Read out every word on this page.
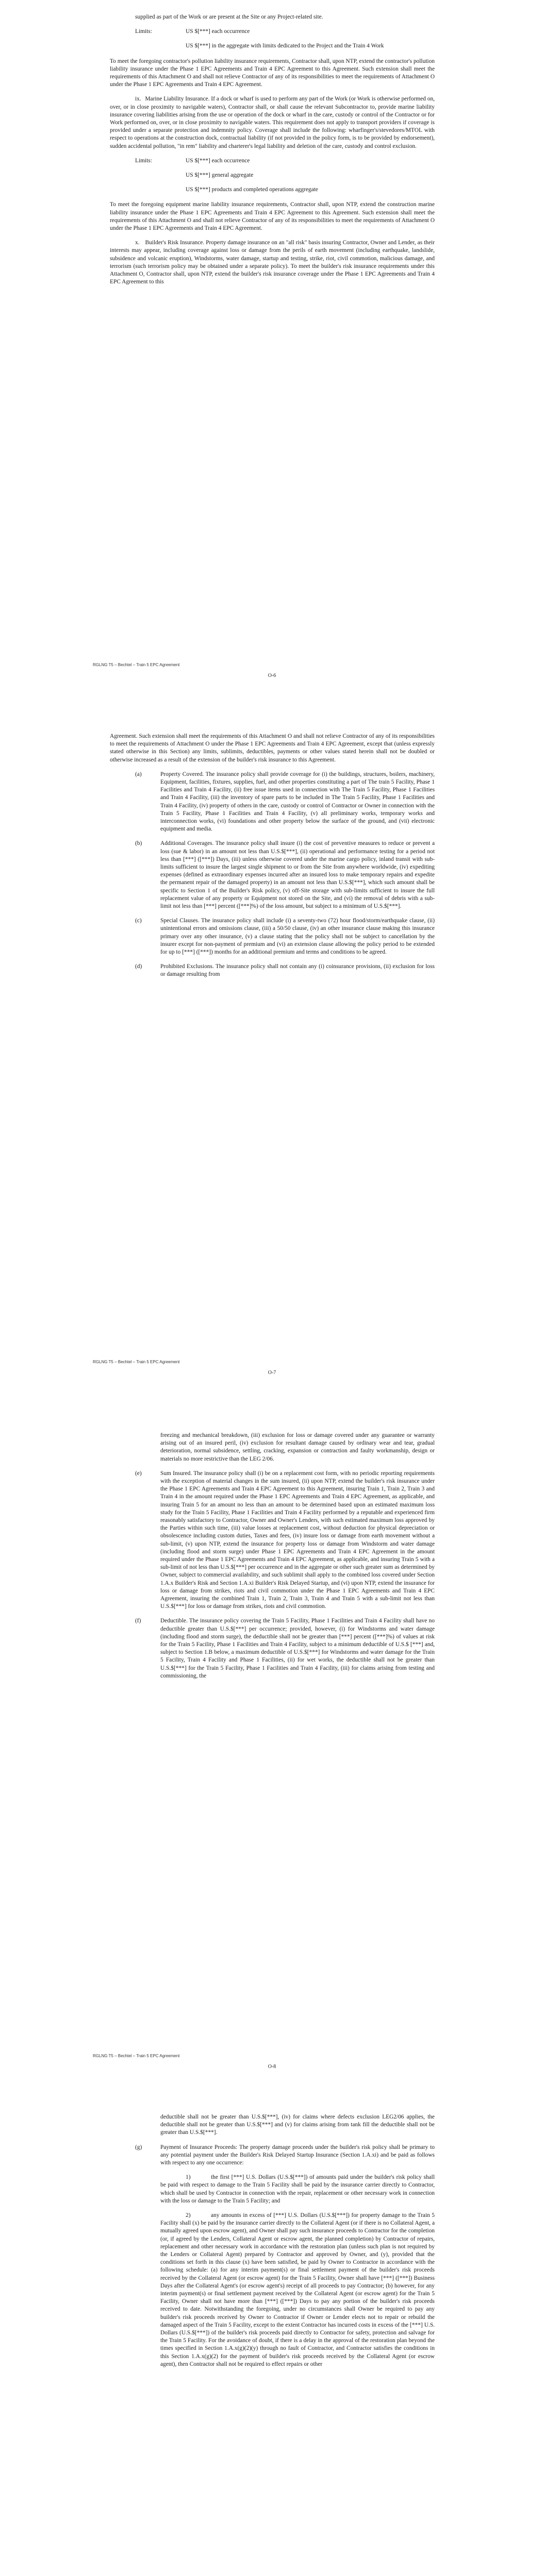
supplied as part of the Work or are present at the Site or any Project-related site.

Limits:	US $[***] each occurrence
US $[***] in the aggregate with limits dedicated to the Project and the Train 4 Work

To meet the foregoing contractor's pollution liability insurance requirements, Contractor shall, upon NTP, extend the contractor's pollution liability insurance under the Phase 1 EPC Agreements and Train 4 EPC Agreement to this Agreement. Such extension shall meet the requirements of this Attachment O and shall not relieve Contractor of any of its responsibilities to meet the requirements of Attachment O under the Phase 1 EPC Agreements and Train 4 EPC Agreement.

ix.	Marine Liability Insurance. If a dock or wharf is used to perform any part of the Work (or Work is otherwise performed on, over, or in close proximity to navigable waters), Contractor shall, or shall cause the relevant Subcontractor to, provide marine liability insurance covering liabilities arising from the use or operation of the dock or wharf in the care, custody or control of the Contractor or for Work performed on, over, or in close proximity to navigable waters. This requirement does not apply to transport providers if coverage is provided under a separate protection and indemnity policy. Coverage shall include the following: wharfinger's/stevedores/MTOL with respect to operations at the construction dock, contractual liability (if not provided in the policy form, is to be provided by endorsement), sudden accidental pollution, "in rem" liability and charterer's legal liability and deletion of the care, custody and control exclusion.

Limits:	US $[***] each occurrence
US $[***] general aggregate
US $[***] products and completed operations aggregate

To meet the foregoing equipment marine liability insurance requirements, Contractor shall, upon NTP, extend the construction marine liability insurance under the Phase 1 EPC Agreements and Train 4 EPC Agreement to this Agreement. Such extension shall meet the requirements of this Attachment O and shall not relieve Contractor of any of its responsibilities to meet the requirements of Attachment O under the Phase 1 EPC Agreements and Train 4 EPC Agreement.

x.	Builder's Risk Insurance. Property damage insurance on an "all risk" basis insuring Contractor, Owner and Lender, as their interests may appear, including coverage against loss or damage from the perils of earth movement (including earthquake, landslide, subsidence and volcanic eruption), Windstorms, water damage, startup and testing, strike, riot, civil commotion, malicious damage, and terrorism (such terrorism policy may be obtained under a separate policy). To meet the builder's risk insurance requirements under this Attachment O, Contractor shall, upon NTP, extend the builder's risk insurance coverage under the Phase 1 EPC Agreements and Train 4 EPC Agreement to this

RGLNG T5 – Bechtel – Train 5 EPC Agreement
O-6

Agreement. Such extension shall meet the requirements of this Attachment O and shall not relieve Contractor of any of its responsibilities to meet the requirements of Attachment O under the Phase 1 EPC Agreements and Train 4 EPC Agreement, except that (unless expressly stated otherwise in this Section) any limits, sublimits, deductibles, payments or other values stated herein shall not be doubled or otherwise increased as a result of the extension of the builder's risk insurance to this Agreement.

(a)	Property Covered. The insurance policy shall provide coverage for (i) the buildings, structures, boilers, machinery, Equipment, facilities, fixtures, supplies, fuel, and other properties constituting a part of The train 5 Facility, Phase 1 Facilities and Train 4 Facility, (ii) free issue items used in connection with The Train 5 Facility, Phase 1 Facilities and Train 4 Facility, (iii) the inventory of spare parts to be included in The Train 5 Facility, Phase 1 Facilities and Train 4 Facility, (iv) property of others in the care, custody or control of Contractor or Owner in connection with the Train 5 Facility, Phase 1 Facilities and Train 4 Facility, (v) all preliminary works, temporary works and interconnection works, (vi) foundations and other property below the surface of the ground, and (vii) electronic equipment and media.

(b)	Additional Coverages. The insurance policy shall insure (i) the cost of preventive measures to reduce or prevent a loss (sue & labor) in an amount not less than U.S.$[***], (ii) operational and performance testing for a period not less than [***] ([***]) Days, (iii) unless otherwise covered under the marine cargo policy, inland transit with sub-limits sufficient to insure the largest single shipment to or from the Site from anywhere worldwide, (iv) expediting expenses (defined as extraordinary expenses incurred after an insured loss to make temporary repairs and expedite the permanent repair of the damaged property) in an amount not less than U.S.$[***], which such amount shall be specific to Section 1 of the Builder's Risk policy, (v) off-Site storage with sub-limits sufficient to insure the full replacement value of any property or Equipment not stored on the Site, and (vi) the removal of debris with a sub-limit not less than [***] percent ([***]%) of the loss amount, but subject to a minimum of U.S.$[***].

(c)	Special Clauses. The insurance policy shall include (i) a seventy-two (72) hour flood/storm/earthquake clause, (ii) unintentional errors and omissions clause, (iii) a 50/50 clause, (iv) an other insurance clause making this insurance primary over any other insurance, (v) a clause stating that the policy shall not be subject to cancellation by the insurer except for non-payment of premium and (vi) an extension clause allowing the policy period to be extended for up to [***] ([***]) months for an additional premium and terms and conditions to be agreed.

(d)	Prohibited Exclusions. The insurance policy shall not contain any (i) coinsurance provisions, (ii) exclusion for loss or damage resulting from

RGLNG T5 – Bechtel – Train 5 EPC Agreement
O-7

freezing and mechanical breakdown, (iii) exclusion for loss or damage covered under any guarantee or warranty arising out of an insured peril, (iv) exclusion for resultant damage caused by ordinary wear and tear, gradual deterioration, normal subsidence, settling, cracking, expansion or contraction and faulty workmanship, design or materials no more restrictive than the LEG 2/06.

(e)	Sum Insured. The insurance policy shall (i) be on a replacement cost form, with no periodic reporting requirements with the exception of material changes in the sum insured, (ii) upon NTP, extend the builder's risk insurance under the Phase 1 EPC Agreements and Train 4 EPC Agreement to this Agreement, insuring Train 1, Train 2, Train 3 and Train 4 in the amount required under the Phase 1 EPC Agreements and Train 4 EPC Agreement, as applicable, and insuring Train 5 for an amount no less than an amount to be determined based upon an estimated maximum loss study for the Train 5 Facility, Phase 1 Facilities and Train 4 Facility performed by a reputable and experienced firm reasonably satisfactory to Contractor, Owner and Owner's Lenders, with such estimated maximum loss approved by the Parties within such time, (iii) value losses at replacement cost, without deduction for physical depreciation or obsolescence including custom duties, Taxes and fees, (iv) insure loss or damage from earth movement without a sub-limit, (v) upon NTP, extend the insurance for property loss or damage from Windstorm and water damage (including flood and storm surge) under Phase 1 EPC Agreements and Train 4 EPC Agreement in the amount required under the Phase 1 EPC Agreements and Train 4 EPC Agreement, as applicable, and insuring Train 5 with a sub-limit of not less than U.S.$[***] per occurrence and in the aggregate or other such greater sum as determined by Owner, subject to commercial availability, and such sublimit shall apply to the combined loss covered under Section 1.A.x Builder's Risk and Section 1.A.xi Builder's Risk Delayed Startup, and (vi) upon NTP, extend the insurance for loss or damage from strikes, riots and civil commotion under the Phase 1 EPC Agreements and Train 4 EPC Agreement, insuring the combined Train 1, Train 2, Train 3, Train 4 and Train 5 with a sub-limit not less than U.S.$[***] for loss or damage from strikes, riots and civil commotion.

(f)	Deductible. The insurance policy covering the Train 5 Facility, Phase 1 Facilities and Train 4 Facility shall have no deductible greater than U.S.$[***] per occurrence; provided, however, (i) for Windstorms and water damage (including flood and storm surge), the deductible shall not be greater than [***] percent ([***]%) of values at risk for the Train 5 Facility, Phase 1 Facilities and Train 4 Facility, subject to a minimum deductible of U.S.$ [***] and, subject to Section 1.B below, a maximum deductible of U.S.$[***] for Windstorms and water damage for the Train 5 Facility, Train 4 Facility and Phase 1 Facilities, (ii) for wet works, the deductible shall not be greater than U.S.$[***] for the Train 5 Facility, Phase 1 Facilities and Train 4 Facility, (iii) for claims arising from testing and commissioning, the

RGLNG T5 – Bechtel – Train 5 EPC Agreement
O-8

deductible shall not be greater than U.S.$[***], (iv) for claims where defects exclusion LEG2/06 applies, the deductible shall not be greater than U.S.$[***] and (v) for claims arising from tank fill the deductible shall not be greater than U.S.$[***].

(g)	Payment of Insurance Proceeds: The property damage proceeds under the builder's risk policy shall be primary to any potential payment under the Builder's Risk Delayed Startup Insurance (Section 1.A.xi) and be paid as follows with respect to any one occurrence:

1)	the first [***] U.S. Dollars (U.S.$[***]) of amounts paid under the builder's risk policy shall be paid with respect to damage to the Train 5 Facility shall be paid by the insurance carrier directly to Contractor, which shall be used by Contractor in connection with the repair, replacement or other necessary work in connection with the loss or damage to the Train 5 Facility; and

2)	any amounts in excess of [***] U.S. Dollars (U.S.$[***]) for property damage to the Train 5 Facility shall (x) be paid by the insurance carrier directly to the Collateral Agent (or if there is no Collateral Agent, a mutually agreed upon escrow agent), and Owner shall pay such insurance proceeds to Contractor for the completion (or, if agreed by the Lenders, Collateral Agent or escrow agent, the planned completion) by Contractor of repairs, replacement and other necessary work in accordance with the restoration plan (unless such plan is not required by the Lenders or Collateral Agent) prepared by Contractor and approved by Owner, and (y), provided that the conditions set forth in this clause (x) have been satisfied, be paid by Owner to Contractor in accordance with the following schedule: (a) for any interim payment(s) or final settlement payment of the builder's risk proceeds received by the Collateral Agent (or escrow agent) for the Train 5 Facility, Owner shall have [***] ([***]) Business Days after the Collateral Agent's (or escrow agent's) receipt of all proceeds to pay Contractor; (b) however, for any interim payment(s) or final settlement payment received by the Collateral Agent (or escrow agent) for the Train 5 Facility, Owner shall not have more than [***] ([***]) Days to pay any portion of the builder's risk proceeds received to date. Notwithstanding the foregoing, under no circumstances shall Owner be required to pay any builder's risk proceeds received by Owner to Contractor if Owner or Lender elects not to repair or rebuild the damaged aspect of the Train 5 Facility, except to the extent Contractor has incurred costs in excess of the [***] U.S. Dollars (U.S.$[***]) of the builder's risk proceeds paid directly to Contractor for safety, protection and salvage for the Train 5 Facility. For the avoidance of doubt, if there is a delay in the approval of the restoration plan beyond the times specified in Section 1.A.x(g)(2)(y) through no fault of Contractor, and Contractor satisfies the conditions in this Section 1.A.x(g)(2) for the payment of builder's risk proceeds received by the Collateral Agent (or escrow agent), then Contractor shall not be required to effect repairs or other
